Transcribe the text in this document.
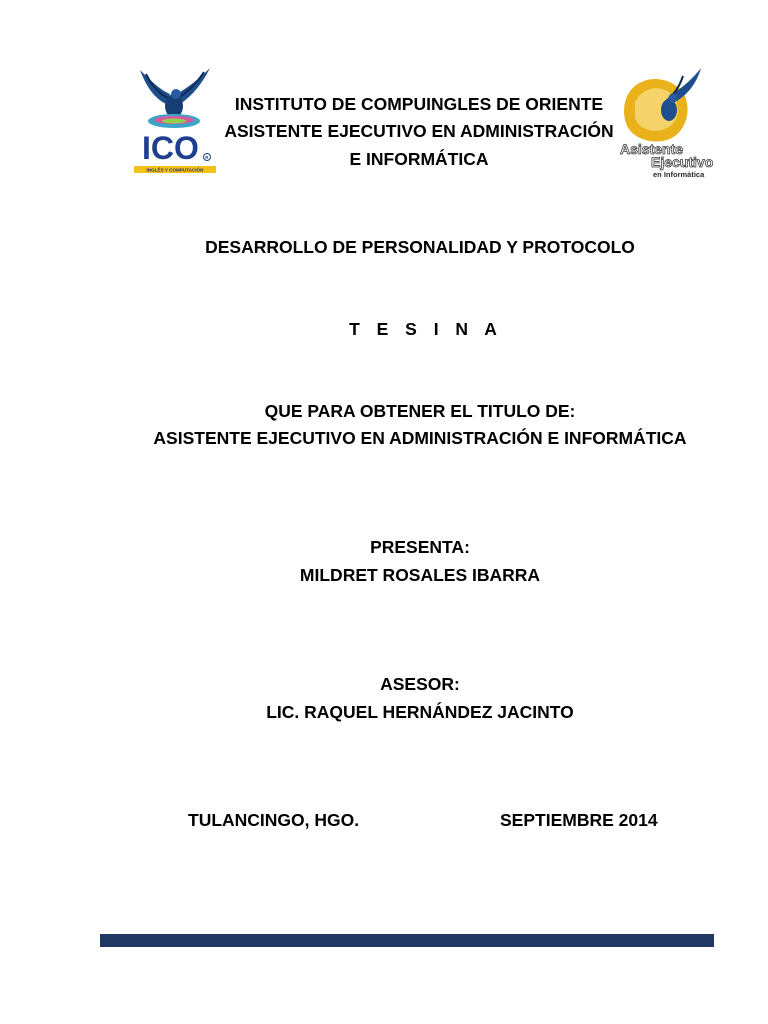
ICO R
INGLÉS Y COMPUTACIÓN
Asistente
Ejecutivo
en Informática
INSTITUTO DE COMPUINGLES DE ORIENTE
ASISTENTE EJECUTIVO EN ADMINISTRACIÓN
E INFORMÁTICA
DESARROLLO DE PERSONALIDAD Y PROTOCOLO
T E S I N A
QUE PARA OBTENER EL TITULO DE:
ASISTENTE EJECUTIVO EN ADMINISTRACIÓN E INFORMÁTICA
PRESENTA:
MILDRET ROSALES IBARRA
ASESOR:
LIC. RAQUEL HERNÁNDEZ JACINTO
TULANCINGO, HGO.	SEPTIEMBRE 2014
